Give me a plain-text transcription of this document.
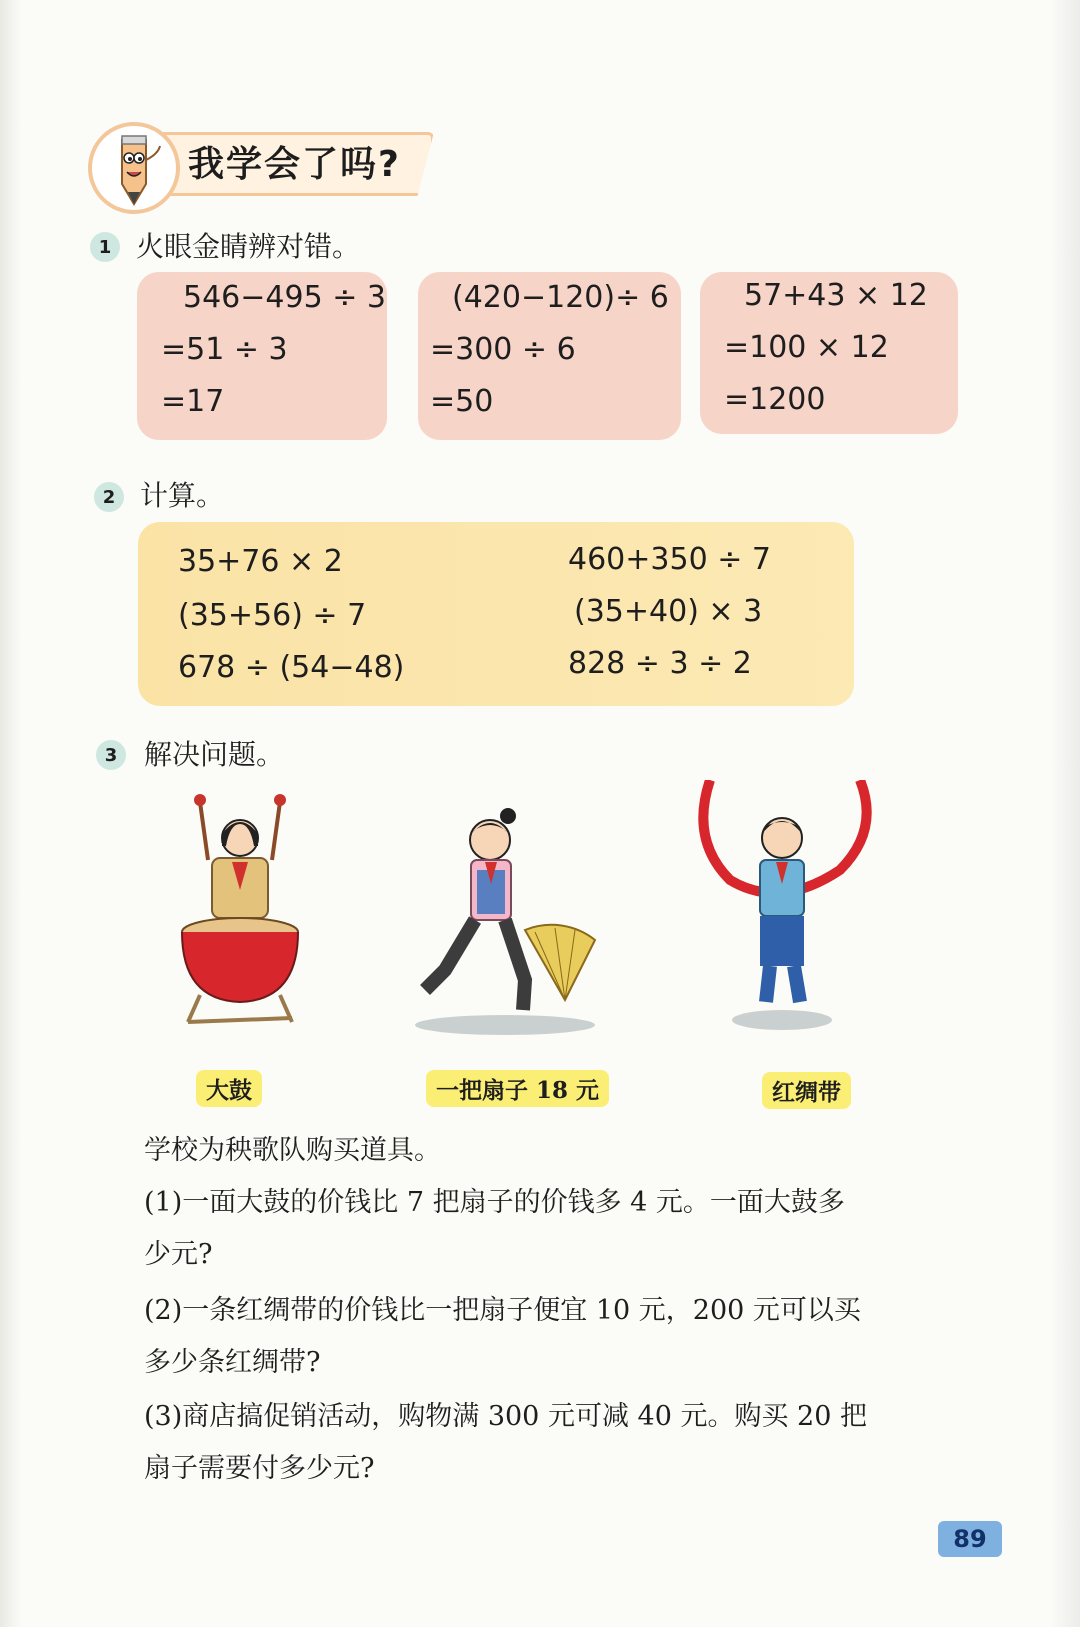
我学会了吗?
1 火眼金睛辨对错。
546−495 ÷ 3
=51 ÷ 3
=17
(420−120)÷ 6
=300 ÷ 6
=50
57+43 × 12
=100 × 12
=1200
2 计算。
35+76 × 2
(35+56) ÷ 7
678 ÷ (54−48)
460+350 ÷ 7
(35+40) × 3
828 ÷ 3 ÷ 2
3 解决问题。
大鼓	一把扇子 18 元	红绸带
学校为秧歌队购买道具。
(1)一面大鼓的价钱比 7 把扇子的价钱多 4 元。一面大鼓多
少元?
(2)一条红绸带的价钱比一把扇子便宜 10 元，200 元可以买
多少条红绸带?
(3)商店搞促销活动，购物满 300 元可减 40 元。购买 20 把
扇子需要付多少元?
89
